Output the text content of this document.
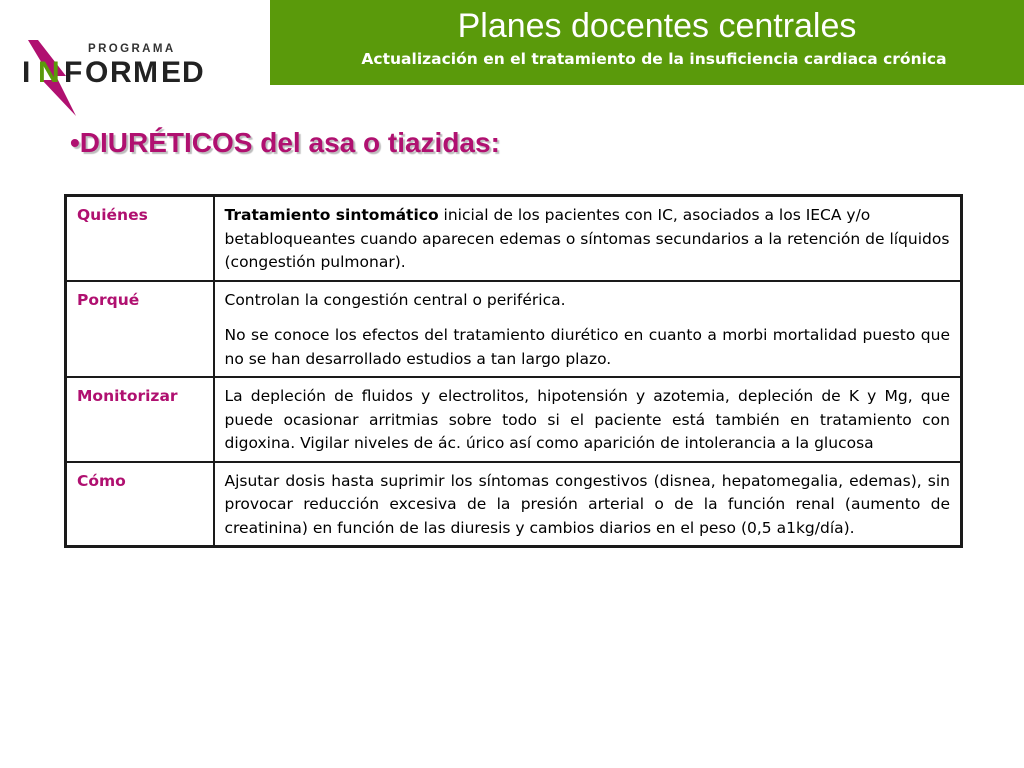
PROGRAMA
I N F O R M E D
Planes docentes centrales
Actualización en el tratamiento de la insuficiencia cardiaca crónica
•DIURÉTICOS del asa o tiazidas:
Quiénes	Tratamiento sintomático inicial de los pacientes con IC, asociados a los IECA y/o betabloqueantes cuando aparecen edemas o síntomas secundarios a la retención de líquidos (congestión pulmonar).

Porqué	Controlan la congestión central o periférica.

No se conoce los efectos del tratamiento diurético en cuanto a morbi mortalidad puesto que no se han desarrollado estudios a tan largo plazo.

Monitorizar	La depleción de fluidos y electrolitos, hipotensión y azotemia, depleción de K y Mg, que puede ocasionar arritmias sobre todo si el paciente está también en tratamiento con digoxina. Vigilar niveles de ác. úrico así como aparición de intolerancia a la glucosa

Cómo	Ajsutar dosis hasta suprimir los síntomas congestivos (disnea, hepatomegalia, edemas), sin provocar reducción excesiva de la presión arterial o de la función renal (aumento de creatinina) en función de las diuresis y cambios diarios en el peso (0,5 a1kg/día).
